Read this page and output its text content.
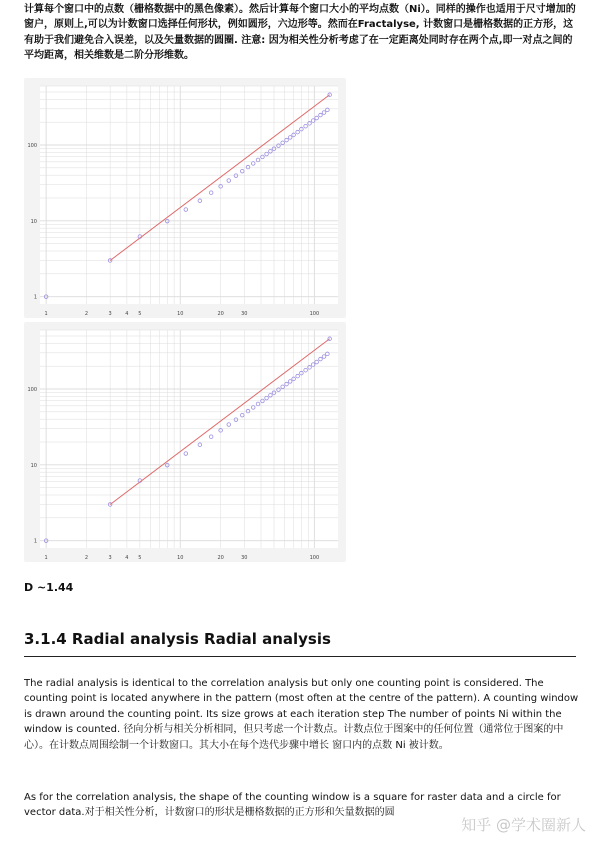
计算每个窗口中的点数（栅格数据中的黑色像素）。然后计算每个窗口大小的平均点数（Ni）。同样的操作也适用于尺寸增加的窗户，原则上,可以为计数窗口选择任何形状，例如圆形，六边形等。然而在Fractalyse, 计数窗口是栅格数据的正方形，这有助于我们避免合入误差，以及矢量数据的圆圈. 注意: 因为相关性分析考虑了在一定距离处同时存在两个点,即一对点之间的平均距离，相关维数是二阶分形维数。

1	2	3	4 5	10	20	30	100
1
10
100
1	2	3	4 5	10	20	30	100
1
10
100

D ~1.44

3.1.4 Radial analysis Radial analysis

The radial analysis is identical to the correlation analysis but only one counting point is considered. The counting point is located anywhere in the pattern (most often at the centre of the pattern). A counting window is drawn around the counting point. Its size grows at each iteration step The number of points Ni within the window is counted. 径向分析与相关分析相同，但只考虑一个计数点。计数点位于图案中的任何位置（通常位于图案的中心）。在计数点周围绘制一个计数窗口。其大小在每个迭代步骤中增长 窗口内的点数 Ni 被计数。

As for the correlation analysis, the shape of the counting window is a square for raster data and a circle for vector data.对于相关性分析，计数窗口的形状是栅格数据的正方形和矢量数据的圆

知乎 @学术圈新人
